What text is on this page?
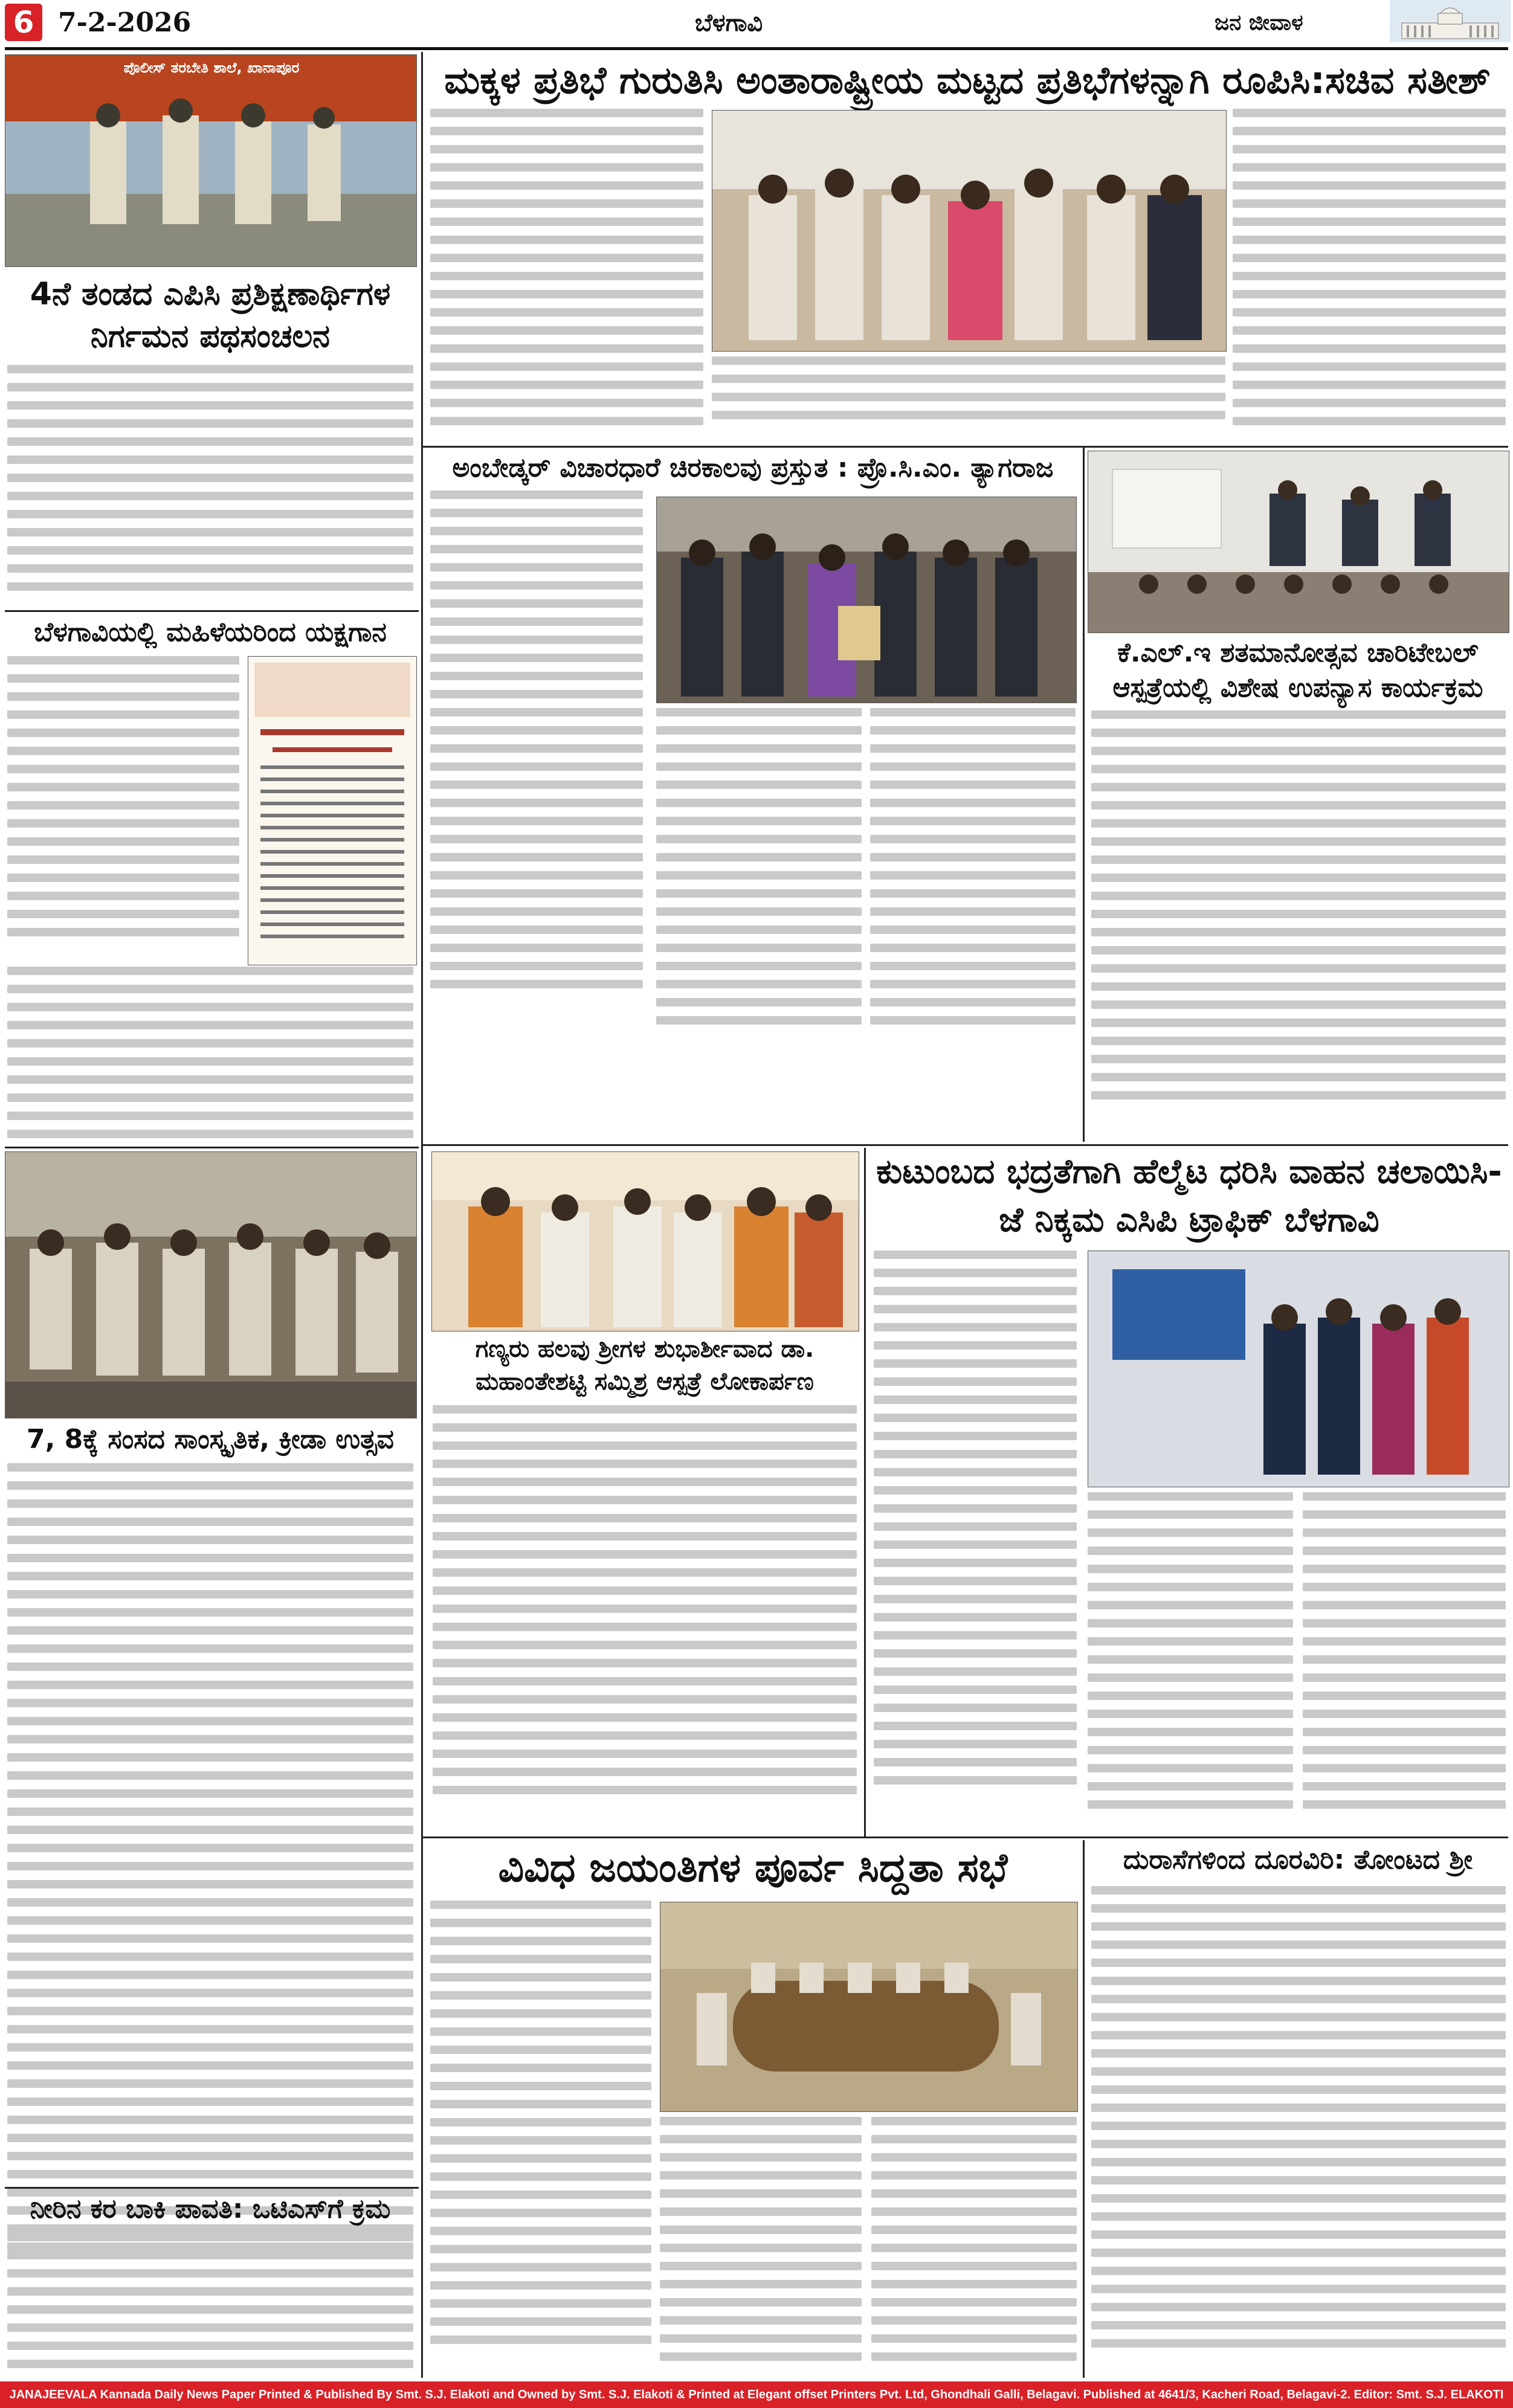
6 7-2-2026	ಬೆಳಗಾವಿ	ಜನ ಜೀವಾಳ
ಪೊಲೀಸ್ ತರಬೇತಿ ಶಾಲೆ, ಖಾನಾಪೂರ
4ನೆ ತಂಡದ ಎಪಿಸಿ ಪ್ರಶಿಕ್ಷಣಾರ್ಥಿಗಳ ನಿರ್ಗಮನ ಪಥಸಂಚಲನ
ಬೆಳಗಾವಿಯಲ್ಲಿ ಮಹಿಳೆಯರಿಂದ ಯಕ್ಷಗಾನ
7, 8ಕ್ಕೆ ಸಂಸದ ಸಾಂಸ್ಕೃತಿಕ, ಕ್ರೀಡಾ ಉತ್ಸವ
ನೀರಿನ ಕರ ಬಾಕಿ ಪಾವತಿ: ಒಟಿಎಸ್‌ಗೆ ಕ್ರಮ
ಮಕ್ಕಳ ಪ್ರತಿಭೆ ಗುರುತಿಸಿ ಅಂತಾರಾಷ್ಟ್ರೀಯ ಮಟ್ಟದ ಪ್ರತಿಭೆಗಳನ್ನಾಗಿ ರೂಪಿಸಿ:ಸಚಿವ ಸತೀಶ್
ಅಂಬೇಡ್ಕರ್ ವಿಚಾರಧಾರೆ ಚಿರಕಾಲವು ಪ್ರಸ್ತುತ : ಪ್ರೊ.ಸಿ.ಎಂ. ತ್ಯಾಗರಾಜ
ಕೆ.ಎಲ್.ಇ ಶತಮಾನೋತ್ಸವ ಚಾರಿಟೇಬಲ್ ಆಸ್ಪತ್ರೆಯಲ್ಲಿ ವಿಶೇಷ ಉಪನ್ಯಾಸ ಕಾರ್ಯಕ್ರಮ
ಗಣ್ಯರು ಹಲವು ಶ್ರೀಗಳ ಶುಭಾರ್ಶೀವಾದ ಡಾ. ಮಹಾಂತೇಶಟ್ಟಿ ಸಮ್ಮಿಶ್ರ ಆಸ್ಪತ್ರೆ ಲೋಕಾರ್ಪಣ
ಕುಟುಂಬದ ಭದ್ರತೆಗಾಗಿ ಹೆಲ್ಮೆಟ ಧರಿಸಿ ವಾಹನ ಚಲಾಯಿಸಿ-ಜೆ ನಿಕ್ಕಮ ಎಸಿಪಿ ಟ್ರಾಫಿಕ್ ಬೆಳಗಾವಿ
ವಿವಿಧ ಜಯಂತಿಗಳ ಪೂರ್ವ ಸಿದ್ದತಾ ಸಭೆ	ದುರಾಸೆಗಳಿಂದ ದೂರವಿರಿ: ತೋಂಟದ ಶ್ರೀ
JANAJEEVALA Kannada Daily News Paper Printed & Published By Smt. S.J. Elakoti and Owned by Smt. S.J. Elakoti & Printed at Elegant offset Printers Pvt. Ltd, Ghondhali Galli, Belagavi. Published at 4641/3, Kacheri Road, Belagavi-2. Editor: Smt. S.J. ELAKOTI
